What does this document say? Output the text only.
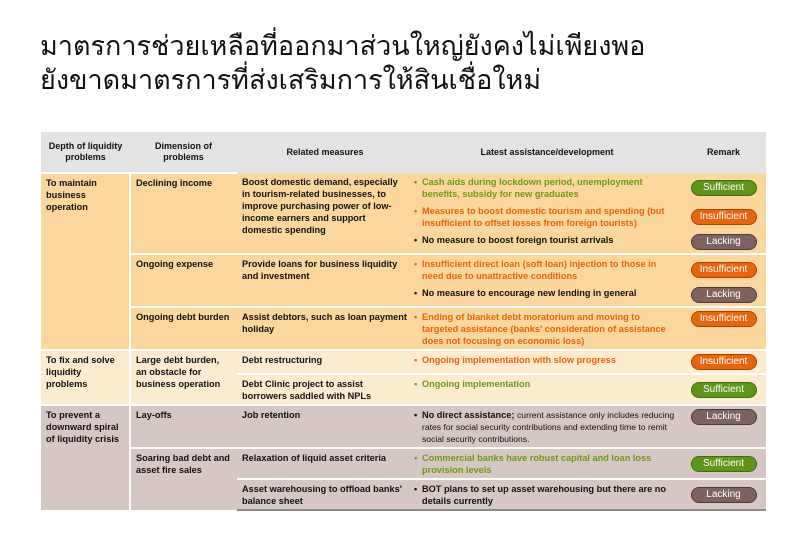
มาตรการช่วยเหลือที่ออกมาส่วนใหญ่ยังคงไม่เพียงพอ
ยังขาดมาตรการที่ส่งเสริมการให้สินเชื่อใหม่
Depth of liquidity problems	Dimension of problems	Related measures	Latest assistance/development	Remark
To maintain business operation	Declining income	Boost domestic demand, especially in tourism-related businesses, to improve purchasing power of low-income earners and support domestic spending	• Cash aids during lockdown period, unemployment benefits, subsidy for new graduates	Sufficient

			• Measures to boost domestic tourism and spending (but insufficient to offset losses from foreign tourists)	Insufficient

			• No measure to boost foreign tourist arrivals	Lacking
	Ongoing expense	Provide loans for business liquidity and investment	• Insufficient direct loan (soft loan) injection to those in need due to unattractive conditions	Insufficient

			• No measure to encourage new lending in general	Lacking
	Ongoing debt burden	Assist debtors, such as loan payment holiday	• Ending of blanket debt moratorium and moving to targeted assistance (banks' consideration of assistance does not focusing on economic loss)	Insufficient
To fix and solve liquidity problems	Large debt burden, an obstacle for business operation	Debt restructuring	• Ongoing implementation with slow progress	Insufficient
		Debt Clinic project to assist borrowers saddled with NPLs	• Ongoing implementation	Sufficient
To prevent a downward spiral of liquidity crisis	Lay-offs	Job retention	• No direct assistance; current assistance only includes reducing rates for social security contributions and extending time to remit social security contributions.	Lacking
	Soaring bad debt and asset fire sales	Relaxation of liquid asset criteria	• Commercial banks have robust capital and loan loss provision levels	Sufficient
		Asset warehousing to offload banks' balance sheet	• BOT plans to set up asset warehousing but there are no details currently	Lacking
